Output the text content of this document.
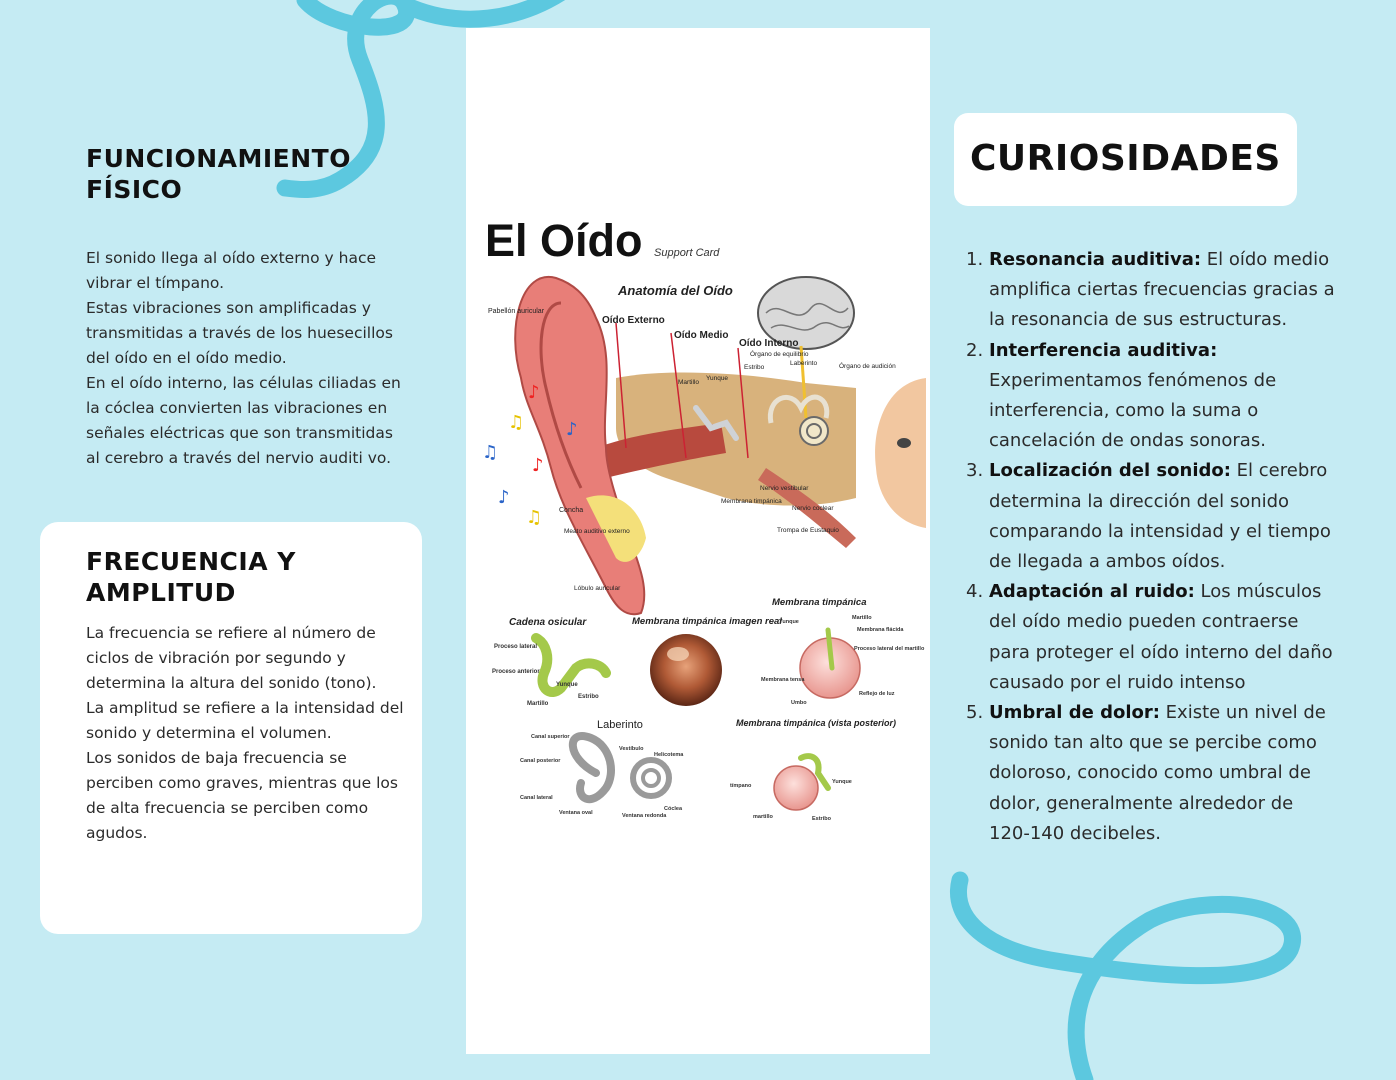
FUNCIONAMIENTO FÍSICO

El sonido llega al oído externo y hace vibrar el tímpano.

Estas vibraciones son amplificadas y transmitidas a través de los huesecillos del oído en el oído medio.

En el oído interno, las células ciliadas en la cóclea convierten las vibraciones en señales eléctricas que son transmitidas al cerebro a través del nervio auditi vo.

FRECUENCIA Y AMPLITUD

La frecuencia se refiere al número de ciclos de vibración por segundo y determina la altura del sonido (tono).

La amplitud se refiere a la intensidad del sonido y determina el volumen.

Los sonidos de baja frecuencia se perciben como graves, mientras que los de alta frecuencia se perciben como agudos.

El Oído Support Card
Anatomía del Oído
♪
♫
♫
♪
♪
♫
♪
Pabellón auricular
Oído Externo
Oído Medio
Oído Interno
Órgano de equilibrio
Laberinto
Estribo	Órgano de audición
Martillo
Yunque
Nervio vestibular
Membrana timpánica
Nervio coclear
Trompa de Eustaquio
Concha
Meato auditivo externo
Lóbulo auricular
Cadena osicular
Proceso lateral
Proceso anterior
Yunque
Martillo
Estribo
Membrana timpánica imagen real
Membrana timpánica
Yunque
Martillo
Membrana flácida
Proceso lateral del martillo
Membrana tensa
Umbo
Reflejo de luz
Laberinto
Canal superior
Vestíbulo
Helicotema
Canal posterior
Canal lateral
Ventana oval
Cóclea
Ventana redonda
Membrana timpánica (vista posterior)
tímpano
Yunque
martillo	Estribo
CURIOSIDADES
1. Resonancia auditiva: El oído medio amplifica ciertas frecuencias gracias a la resonancia de sus estructuras.
2. Interferencia auditiva: Experimentamos fenómenos de interferencia, como la suma o cancelación de ondas sonoras.
3. Localización del sonido: El cerebro determina la dirección del sonido comparando la intensidad y el tiempo de llegada a ambos oídos.
4. Adaptación al ruido: Los músculos del oído medio pueden contraerse para proteger el oído interno del daño causado por el ruido intenso
5. Umbral de dolor: Existe un nivel de sonido tan alto que se percibe como doloroso, conocido como umbral de dolor, generalmente alrededor de 120-140 decibeles.
